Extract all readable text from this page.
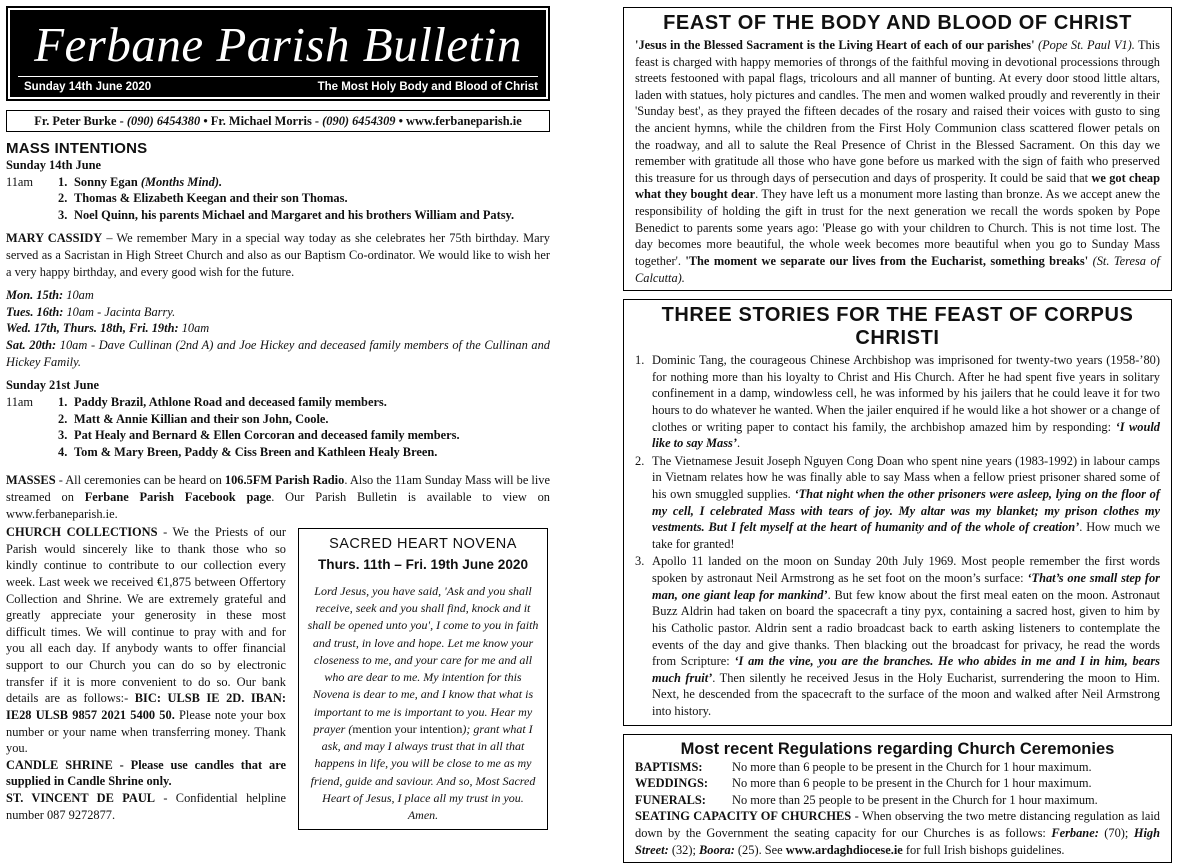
Ferbane Parish Bulletin
Sunday 14th June 2020	The Most Holy Body and Blood of Christ
Fr. Peter Burke - (090) 6454380 • Fr. Michael Morris - (090) 6454309 • www.ferbaneparish.ie
MASS INTENTIONS
Sunday 14th June
11am	1. Sonny Egan (Months Mind).
2. Thomas & Elizabeth Keegan and their son Thomas.
3. Noel Quinn, his parents Michael and Margaret and his brothers William and Patsy.

MARY CASSIDY – We remember Mary in a special way today as she celebrates her 75th birthday. Mary served as a Sacristan in High Street Church and also as our Baptism Co-ordinator. We would like to wish her a very happy birthday, and every good wish for the future.

Mon. 15th: 10am
Tues. 16th: 10am - Jacinta Barry.
Wed. 17th, Thurs. 18th, Fri. 19th: 10am
Sat. 20th: 10am - Dave Cullinan (2nd A) and Joe Hickey and deceased family members of the Cullinan and Hickey Family.
Sunday 21st June
11am	1. Paddy Brazil, Athlone Road and deceased family members.
2. Matt & Annie Killian and their son John, Coole.
3. Pat Healy and Bernard & Ellen Corcoran and deceased family members.
4. Tom & Mary Breen, Paddy & Ciss Breen and Kathleen Healy Breen.

MASSES - All ceremonies can be heard on 106.5FM Parish Radio. Also the 11am Sunday Mass will be live streamed on Ferbane Parish Facebook page. Our Parish Bulletin is available to view on www.ferbaneparish.ie.

CHURCH COLLECTIONS - We the Priests of our Parish would sincerely like to thank those who so kindly continue to contribute to our collection every week. Last week we received €1,875 between Offertory Collection and Shrine. We are extremely grateful and greatly appreciate your generosity in these most difficult times. We will continue to pray with and for you all each day. If anybody wants to offer financial support to our Church you can do so by electronic transfer if it is more convenient to do so. Our bank details are as follows:- BIC: ULSB IE 2D. IBAN: IE28 ULSB 9857 2021 5400 50. Please note your box number or your name when transferring money. Thank you.

CANDLE SHRINE - Please use candles that are supplied in Candle Shrine only.

ST. VINCENT DE PAUL - Confidential helpline number 087 9272877.

SACRED HEART NOVENA
Thurs. 11th – Fri. 19th June 2020

Lord Jesus, you have said, 'Ask and you shall receive, seek and you shall find, knock and it shall be opened unto you', I come to you in faith and trust, in love and hope. Let me know your closeness to me, and your care for me and all who are dear to me. My intention for this Novena is dear to me, and I know that what is important to me is important to you. Hear my prayer (mention your intention); grant what I ask, and may I always trust that in all that happens in life, you will be close to me as my friend, guide and saviour. And so, Most Sacred Heart of Jesus, I place all my trust in you. Amen.

FEAST OF THE BODY AND BLOOD OF CHRIST

'Jesus in the Blessed Sacrament is the Living Heart of each of our parishes' (Pope St. Paul V1). This feast is charged with happy memories of throngs of the faithful moving in devotional processions through streets festooned with papal flags, tricolours and all manner of bunting. At every door stood little altars, laden with statues, holy pictures and candles. The men and women walked proudly and reverently in their 'Sunday best', as they prayed the fifteen decades of the rosary and raised their voices with gusto to sing the ancient hymns, while the children from the First Holy Communion class scattered flower petals on the roadway, and all to salute the Real Presence of Christ in the Blessed Sacrament. On this day we remember with gratitude all those who have gone before us marked with the sign of faith who preserved this treasure for us through days of persecution and days of prosperity. It could be said that we got cheap what they bought dear. They have left us a monument more lasting than bronze. As we accept anew the responsibility of holding the gift in trust for the next generation we recall the words spoken by Pope Benedict to parents some years ago: 'Please go with your children to Church. This is not time lost. The day becomes more beautiful, the whole week becomes more beautiful when you go to Sunday Mass together'. 'The moment we separate our lives from the Eucharist, something breaks' (St. Teresa of Calcutta).

THREE STORIES FOR THE FEAST OF CORPUS CHRISTI
1. Dominic Tang, the courageous Chinese Archbishop was imprisoned for twenty-two years (1958-’80) for nothing more than his loyalty to Christ and His Church. After he had spent five years in solitary confinement in a damp, windowless cell, he was informed by his jailers that he could leave it for two hours to do whatever he wanted. When the jailer enquired if he would like a hot shower or a change of clothes or writing paper to contact his family, the archbishop amazed him by responding: ‘I would like to say Mass’.
2. The Vietnamese Jesuit Joseph Nguyen Cong Doan who spent nine years (1983-1992) in labour camps in Vietnam relates how he was finally able to say Mass when a fellow priest prisoner shared some of his own smuggled supplies. ‘That night when the other prisoners were asleep, lying on the floor of my cell, I celebrated Mass with tears of joy. My altar was my blanket; my prison clothes my vestments. But I felt myself at the heart of humanity and of the whole of creation’. How much we take for granted!
3. Apollo 11 landed on the moon on Sunday 20th July 1969. Most people remember the first words spoken by astronaut Neil Armstrong as he set foot on the moon’s surface: ‘That’s one small step for man, one giant leap for mankind’. But few know about the first meal eaten on the moon. Astronaut Buzz Aldrin had taken on board the spacecraft a tiny pyx, containing a sacred host, given to him by his Catholic pastor. Aldrin sent a radio broadcast back to earth asking listeners to contemplate the events of the day and give thanks. Then blacking out the broadcast for privacy, he read the words from Scripture: ‘I am the vine, you are the branches. He who abides in me and I in him, bears much fruit’. Then silently he received Jesus in the Holy Eucharist, surrendering the moon to Him. Next, he descended from the spacecraft to the surface of the moon and walked after Neil Armstrong into history.
Most recent Regulations regarding Church Ceremonies
BAPTISMS:	No more than 6 people to be present in the Church for 1 hour maximum.
WEDDINGS:	No more than 6 people to be present in the Church for 1 hour maximum.
FUNERALS:	No more than 25 people to be present in the Church for 1 hour maximum.

SEATING CAPACITY OF CHURCHES - When observing the two metre distancing regulation as laid down by the Government the seating capacity for our Churches is as follows: Ferbane: (70); High Street: (32); Boora: (25). See www.ardaghdiocese.ie for full Irish bishops guidelines.
